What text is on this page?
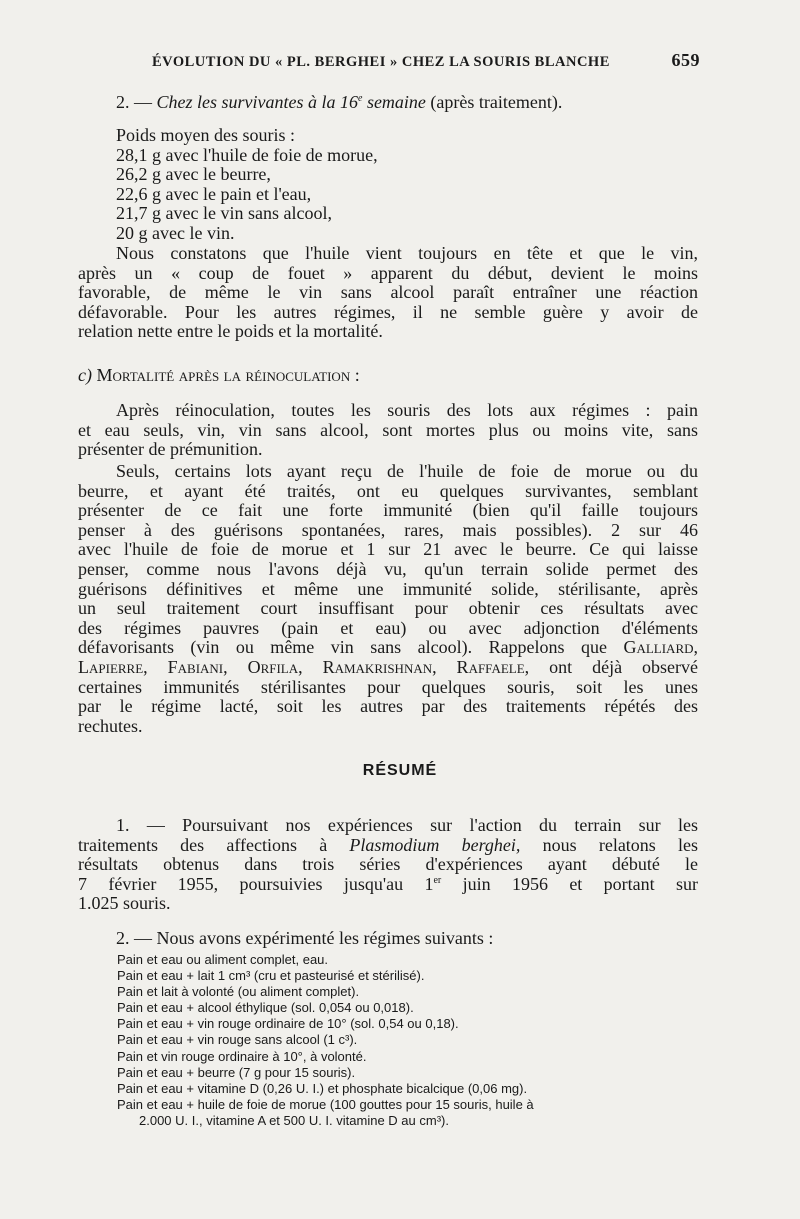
ÉVOLUTION DU « PL. BERGHEI » CHEZ LA SOURIS BLANCHE	659
2. — Chez les survivantes à la 16e semaine (après traitement).
Poids moyen des souris :
28,1 g avec l'huile de foie de morue,
26,2 g avec le beurre,
22,6 g avec le pain et l'eau,
21,7 g avec le vin sans alcool,
20 g avec le vin.
Nous constatons que l'huile vient toujours en tête et que le vin,
après un « coup de fouet » apparent du début, devient le moins
favorable, de même le vin sans alcool paraît entraîner une réaction
défavorable. Pour les autres régimes, il ne semble guère y avoir de
relation nette entre le poids et la mortalité.
c) Mortalité après la réinoculation :
Après réinoculation, toutes les souris des lots aux régimes : pain
et eau seuls, vin, vin sans alcool, sont mortes plus ou moins vite, sans
présenter de prémunition.
Seuls, certains lots ayant reçu de l'huile de foie de morue ou du
beurre, et ayant été traités, ont eu quelques survivantes, semblant
présenter de ce fait une forte immunité (bien qu'il faille toujours
penser à des guérisons spontanées, rares, mais possibles). 2 sur 46
avec l'huile de foie de morue et 1 sur 21 avec le beurre. Ce qui laisse
penser, comme nous l'avons déjà vu, qu'un terrain solide permet des
guérisons définitives et même une immunité solide, stérilisante, après
un seul traitement court insuffisant pour obtenir ces résultats avec
des régimes pauvres (pain et eau) ou avec adjonction d'éléments
défavorisants (vin ou même vin sans alcool). Rappelons que Galliard,
Lapierre, Fabiani, Orfila, Ramakrishnan, Raffaele, ont déjà observé
certaines immunités stérilisantes pour quelques souris, soit les unes
par le régime lacté, soit les autres par des traitements répétés des
rechutes.
RÉSUMÉ
1. — Poursuivant nos expériences sur l'action du terrain sur les
traitements des affections à Plasmodium berghei, nous relatons les
résultats obtenus dans trois séries d'expériences ayant débuté le
7 février 1955, poursuivies jusqu'au 1er juin 1956 et portant sur
1.025 souris.
2. — Nous avons expérimenté les régimes suivants :
Pain et eau ou aliment complet, eau.
Pain et eau + lait 1 cm³ (cru et pasteurisé et stérilisé).
Pain et lait à volonté (ou aliment complet).
Pain et eau + alcool éthylique (sol. 0,054 ou 0,018).
Pain et eau + vin rouge ordinaire de 10° (sol. 0,54 ou 0,18).
Pain et eau + vin rouge sans alcool (1 c³).
Pain et vin rouge ordinaire à 10°, à volonté.
Pain et eau + beurre (7 g pour 15 souris).
Pain et eau + vitamine D (0,26 U. I.) et phosphate bicalcique (0,06 mg).
Pain et eau + huile de foie de morue (100 gouttes pour 15 souris, huile à
2.000 U. I., vitamine A et 500 U. I. vitamine D au cm³).
